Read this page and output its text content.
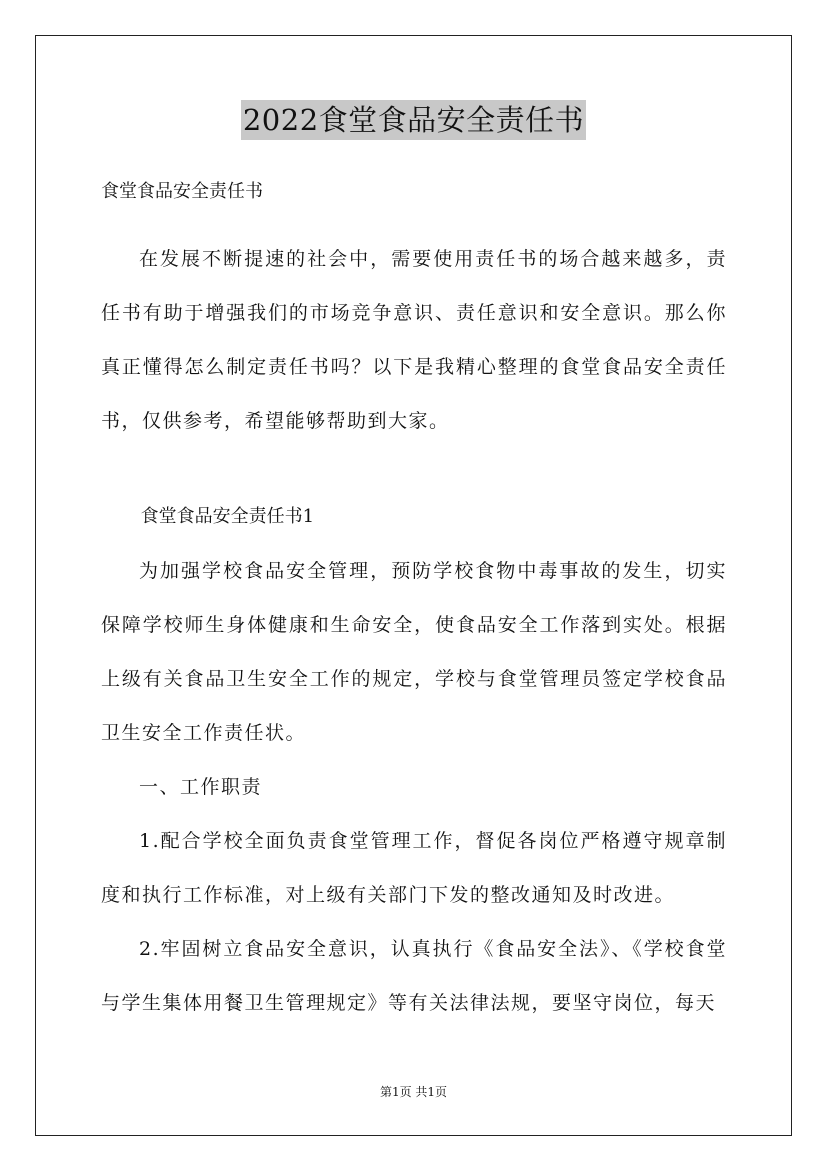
2022食堂食品安全责任书

食堂食品安全责任书

在发展不断提速的社会中，需要使用责任书的场合越来越多，责任书有助于增强我们的市场竞争意识、责任意识和安全意识。那么你真正懂得怎么制定责任书吗？以下是我精心整理的食堂食品安全责任书，仅供参考，希望能够帮助到大家。

食堂食品安全责任书1

为加强学校食品安全管理，预防学校食物中毒事故的发生，切实保障学校师生身体健康和生命安全，使食品安全工作落到实处。根据上级有关食品卫生安全工作的规定，学校与食堂管理员签定学校食品卫生安全工作责任状。

一、工作职责

1.配合学校全面负责食堂管理工作，督促各岗位严格遵守规章制度和执行工作标准，对上级有关部门下发的整改通知及时改进。

2.牢固树立食品安全意识，认真执行《食品安全法》、《学校食堂与学生集体用餐卫生管理规定》等有关法律法规，要坚守岗位，每天

第1页 共1页
